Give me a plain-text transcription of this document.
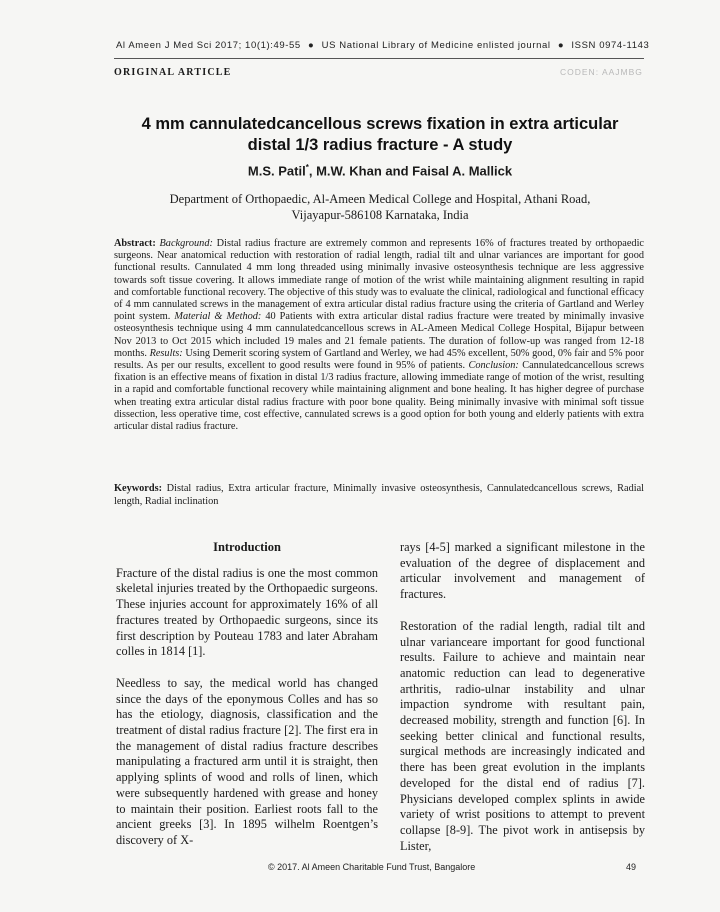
Al Ameen J Med Sci 2017; 10(1):49-55 ● US National Library of Medicine enlisted journal ● ISSN 0974-1143
ORIGINAL ARTICLE	CODEN: AAJMBG
4 mm cannulatedcancellous screws fixation in extra articular distal 1/3 radius fracture - A study
M.S. Patil*, M.W. Khan and Faisal A. Mallick
Department of Orthopaedic, Al-Ameen Medical College and Hospital, Athani Road,
Vijayapur-586108 Karnataka, India
Abstract: Background: Distal radius fracture are extremely common and represents 16% of fractures treated by orthopaedic surgeons. Near anatomical reduction with restoration of radial length, radial tilt and ulnar variances are important for good functional results. Cannulated 4 mm long threaded using minimally invasive osteosynthesis technique are less aggressive towards soft tissue covering. It allows immediate range of motion of the wrist while maintaining alignment resulting in rapid and comfortable functional recovery. The objective of this study was to evaluate the clinical, radiological and functional efficacy of 4 mm cannulated screws in the management of extra articular distal radius fracture using the criteria of Gartland and Werley point system. Material & Method: 40 Patients with extra articular distal radius fracture were treated by minimally invasive osteosynthesis technique using 4 mm cannulatedcancellous screws in AL-Ameen Medical College Hospital, Bijapur between Nov 2013 to Oct 2015 which included 19 males and 21 female patients. The duration of follow-up was ranged from 12-18 months. Results: Using Demerit scoring system of Gartland and Werley, we had 45% excellent, 50% good, 0% fair and 5% poor results. As per our results, excellent to good results were found in 95% of patients. Conclusion: Cannulatedcancellous screws fixation is an effective means of fixation in distal 1/3 radius fracture, allowing immediate range of motion of the wrist, resulting in a rapid and comfortable functional recovery while maintaining alignment and bone healing. It has higher degree of purchase when treating extra articular distal radius fracture with poor bone quality. Being minimally invasive with minimal soft tissue dissection, less operative time, cost effective, cannulated screws is a good option for both young and elderly patients with extra articular distal radius fracture.
Keywords: Distal radius, Extra articular fracture, Minimally invasive osteosynthesis, Cannulatedcancellous screws, Radial length, Radial inclination
Introduction

Fracture of the distal radius is one the most common skeletal injuries treated by the Orthopaedic surgeons. These injuries account for approximately 16% of all fractures treated by Orthopaedic surgeons, since its first description by Pouteau 1783 and later Abraham colles in 1814 [1].

Needless to say, the medical world has changed since the days of the eponymous Colles and has so has the etiology, diagnosis, classification and the treatment of distal radius fracture [2]. The first era in the management of distal radius fracture describes manipulating a fractured arm until it is straight, then applying splints of wood and rolls of linen, which were subsequently hardened with grease and honey to maintain their position. Earliest roots fall to the ancient greeks [3]. In 1895 wilhelm Roentgen’s discovery of X-

rays [4-5] marked a significant milestone in the evaluation of the degree of displacement and articular involvement and management of fractures.

Restoration of the radial length, radial tilt and ulnar varianceare important for good functional results. Failure to achieve and maintain near anatomic reduction can lead to degenerative arthritis, radio-ulnar instability and ulnar impaction syndrome with resultant pain, decreased mobility, strength and function [6]. In seeking better clinical and functional results, surgical methods are increasingly indicated and there has been great evolution in the implants developed for the distal end of radius [7]. Physicians developed complex splints in awide variety of wrist positions to attempt to prevent collapse [8-9]. The pivot work in antisepsis by Lister,

© 2017. Al Ameen Charitable Fund Trust, Bangalore	49
